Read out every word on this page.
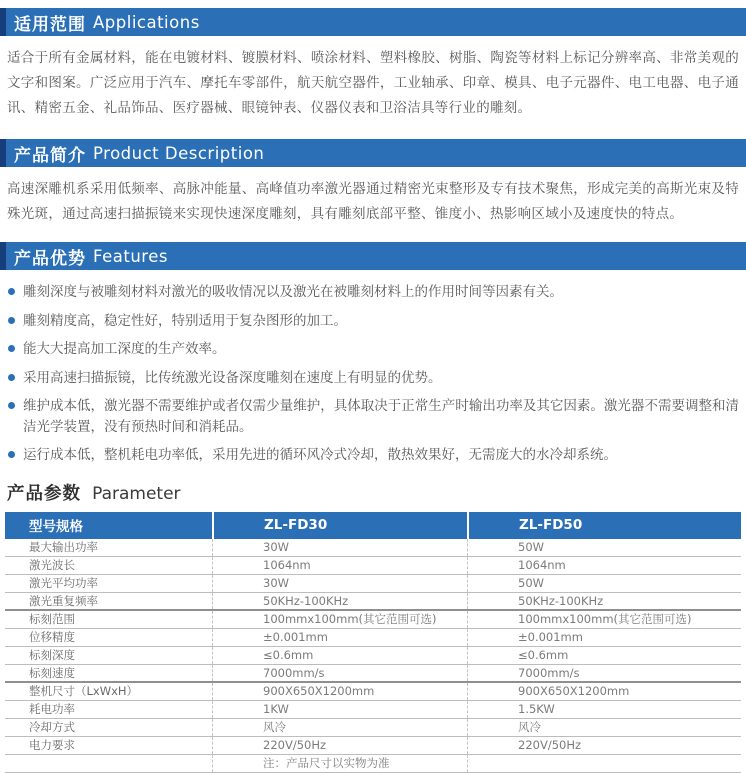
适用范围 Applications

适合于所有金属材料，能在电镀材料、镀膜材料、喷涂材料、塑料橡胶、树脂、陶瓷等材料上标记分辨率高、非常美观的文字和图案。广泛应用于汽车、摩托车零部件，航天航空器件，工业轴承、印章、模具、电子元器件、电工电器、电子通讯、精密五金、礼品饰品、医疗器械、眼镜钟表、仪器仪表和卫浴洁具等行业的雕刻。

产品简介 Product Description

高速深雕机系采用低频率、高脉冲能量、高峰值功率激光器通过精密光束整形及专有技术聚焦，形成完美的高斯光束及特殊光斑，通过高速扫描振镜来实现快速深度雕刻，具有雕刻底部平整、锥度小、热影响区域小及速度快的特点。

产品优势 Features
雕刻深度与被雕刻材料对激光的吸收情况以及激光在被雕刻材料上的作用时间等因素有关。
雕刻精度高，稳定性好，特别适用于复杂图形的加工。
能大大提高加工深度的生产效率。
采用高速扫描振镜，比传统激光设备深度雕刻在速度上有明显的优势。
维护成本低，激光器不需要维护或者仅需少量维护，具体取决于正常生产时输出功率及其它因素。激光器不需要调整和清洁光学装置，没有预热时间和消耗品。
运行成本低，整机耗电功率低，采用先进的循环风冷式冷却，散热效果好，无需庞大的水冷却系统。
产品参数 Parameter
型号规格	ZL-FD30	ZL-FD50
最大输出功率	30W	50W
激光波长	1064nm	1064nm
激光平均功率	30W	50W
激光重复频率	50KHz-100KHz	50KHz-100KHz
标刻范围	100mmx100mm(其它范围可选)	100mmx100mm(其它范围可选)
位移精度	±0.001mm	±0.001mm
标刻深度	≤0.6mm	≤0.6mm
标刻速度	7000mm/s	7000mm/s
整机尺寸（LxWxH）	900X650X1200mm	900X650X1200mm
耗电功率	1KW	1.5KW
冷却方式	风冷	风冷
电力要求	220V/50Hz	220V/50Hz
注：产品尺寸以实物为准
